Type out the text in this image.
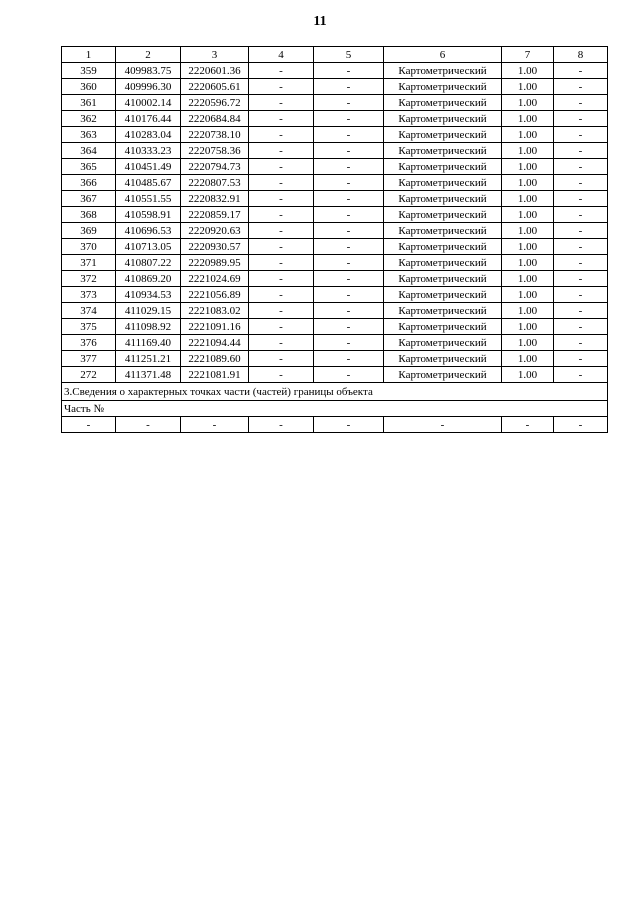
11
1	2	3	4	5	6	7	8
359	409983.75	2220601.36	-	-	Картометрический	1.00	-
360	409996.30	2220605.61	-	-	Картометрический	1.00	-
361	410002.14	2220596.72	-	-	Картометрический	1.00	-
362	410176.44	2220684.84	-	-	Картометрический	1.00	-
363	410283.04	2220738.10	-	-	Картометрический	1.00	-
364	410333.23	2220758.36	-	-	Картометрический	1.00	-
365	410451.49	2220794.73	-	-	Картометрический	1.00	-
366	410485.67	2220807.53	-	-	Картометрический	1.00	-
367	410551.55	2220832.91	-	-	Картометрический	1.00	-
368	410598.91	2220859.17	-	-	Картометрический	1.00	-
369	410696.53	2220920.63	-	-	Картометрический	1.00	-
370	410713.05	2220930.57	-	-	Картометрический	1.00	-
371	410807.22	2220989.95	-	-	Картометрический	1.00	-
372	410869.20	2221024.69	-	-	Картометрический	1.00	-
373	410934.53	2221056.89	-	-	Картометрический	1.00	-
374	411029.15	2221083.02	-	-	Картометрический	1.00	-
375	411098.92	2221091.16	-	-	Картометрический	1.00	-
376	411169.40	2221094.44	-	-	Картометрический	1.00	-
377	411251.21	2221089.60	-	-	Картометрический	1.00	-
272	411371.48	2221081.91	-	-	Картометрический	1.00	-
3.Сведения о характерных точках части (частей) границы объекта							
Часть №							
-	-	-	-	-	-	-	-
